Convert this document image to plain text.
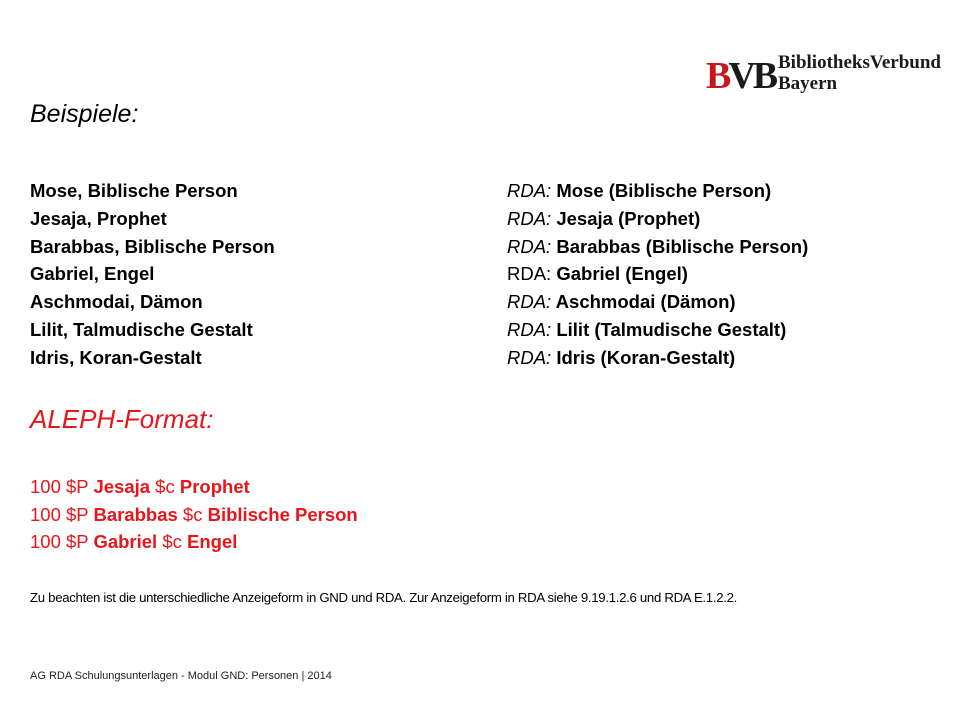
BVB BibliotheksVerbund
Bayern
Beispiele:
Mose, Biblische Person	RDA: Mose (Biblische Person)
Jesaja, Prophet	RDA: Jesaja (Prophet)
Barabbas, Biblische Person	RDA: Barabbas (Biblische Person)
Gabriel, Engel	RDA: Gabriel (Engel)
Aschmodai, Dämon	RDA: Aschmodai (Dämon)
Lilit, Talmudische Gestalt	RDA: Lilit (Talmudische Gestalt)
Idris, Koran-Gestalt	RDA: Idris (Koran-Gestalt)
ALEPH-Format:
100 $P Jesaja $c Prophet
100 $P Barabbas $c Biblische Person
100 $P Gabriel $c Engel

Zu beachten ist die unterschiedliche Anzeigeform in GND und RDA. Zur Anzeigeform in RDA siehe 9.19.1.2.6 und RDA E.1.2.2.

AG RDA Schulungsunterlagen - Modul GND: Personen | 2014
